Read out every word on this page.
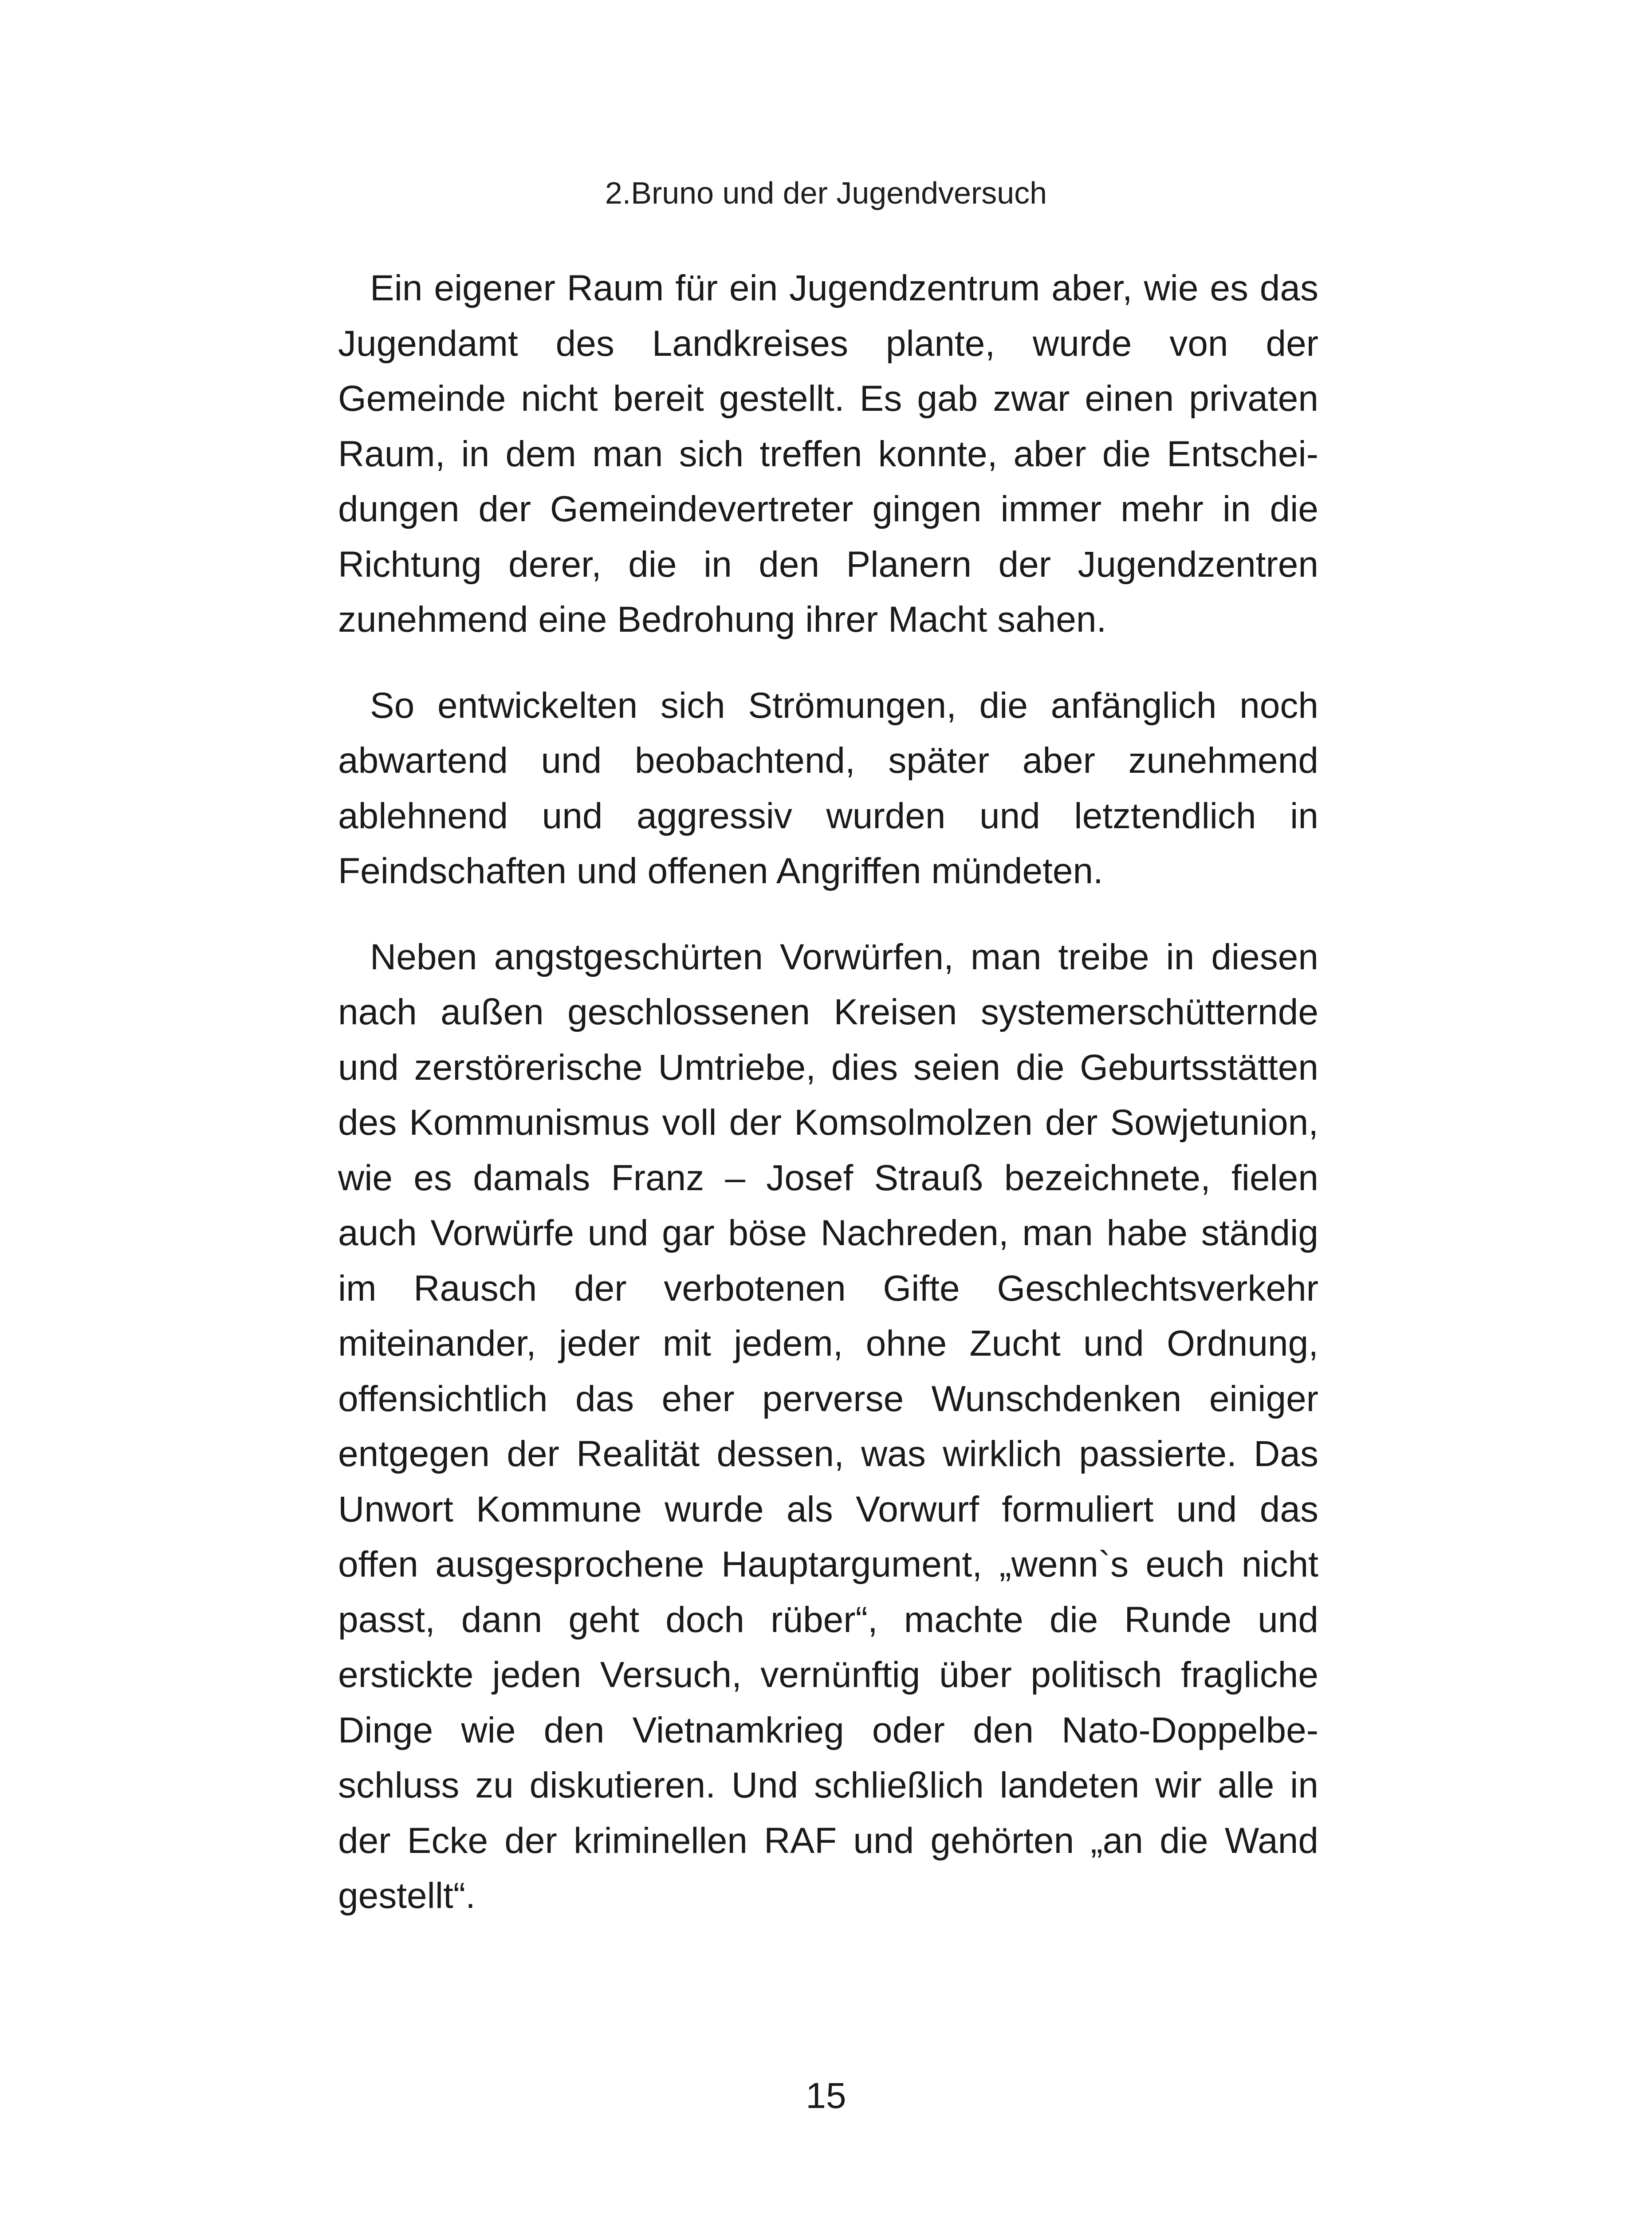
2.Bruno und der Jugendversuch

Ein eigener Raum für ein Jugendzentrum aber, wie es das Jugendamt des Landkreises plante, wurde von der Gemeinde nicht bereit gestellt. Es gab zwar einen privaten Raum, in dem man sich treffen konnte, aber die Entscheidungen der Gemeindevertreter gingen immer mehr in die Richtung derer, die in den Planern der Jugendzentren zunehmend eine Bedrohung ihrer Macht sahen.

So entwickelten sich Strömungen, die anfänglich noch abwartend und beobachtend, später aber zunehmend ablehnend und aggressiv wurden und letztendlich in Feindschaften und offenen Angriffen mündeten.

Neben angstgeschürten Vorwürfen, man treibe in diesen nach außen geschlossenen Kreisen systemerschütternde und zerstörerische Umtriebe, dies seien die Geburtsstätten des Kommunismus voll der Komsolmolzen der Sowjetunion, wie es damals Franz – Josef Strauß bezeichnete, fielen auch Vorwürfe und gar böse Nachreden, man habe ständig im Rausch der verbotenen Gifte Geschlechtsverkehr miteinander, jeder mit jedem, ohne Zucht und Ordnung, offensichtlich das eher perverse Wunschdenken einiger entgegen der Realität dessen, was wirklich passierte. Das Unwort Kommune wurde als Vorwurf formuliert und das offen ausgesprochene Hauptargument, „wenn`s euch nicht passt, dann geht doch rüber“, machte die Runde und erstickte jeden Versuch, vernünftig über politisch fragliche Dinge wie den Vietnamkrieg oder den Nato-Doppelbeschluss zu diskutieren. Und schließlich landeten wir alle in der Ecke der kriminellen RAF und gehörten „an die Wand gestellt“.

15
